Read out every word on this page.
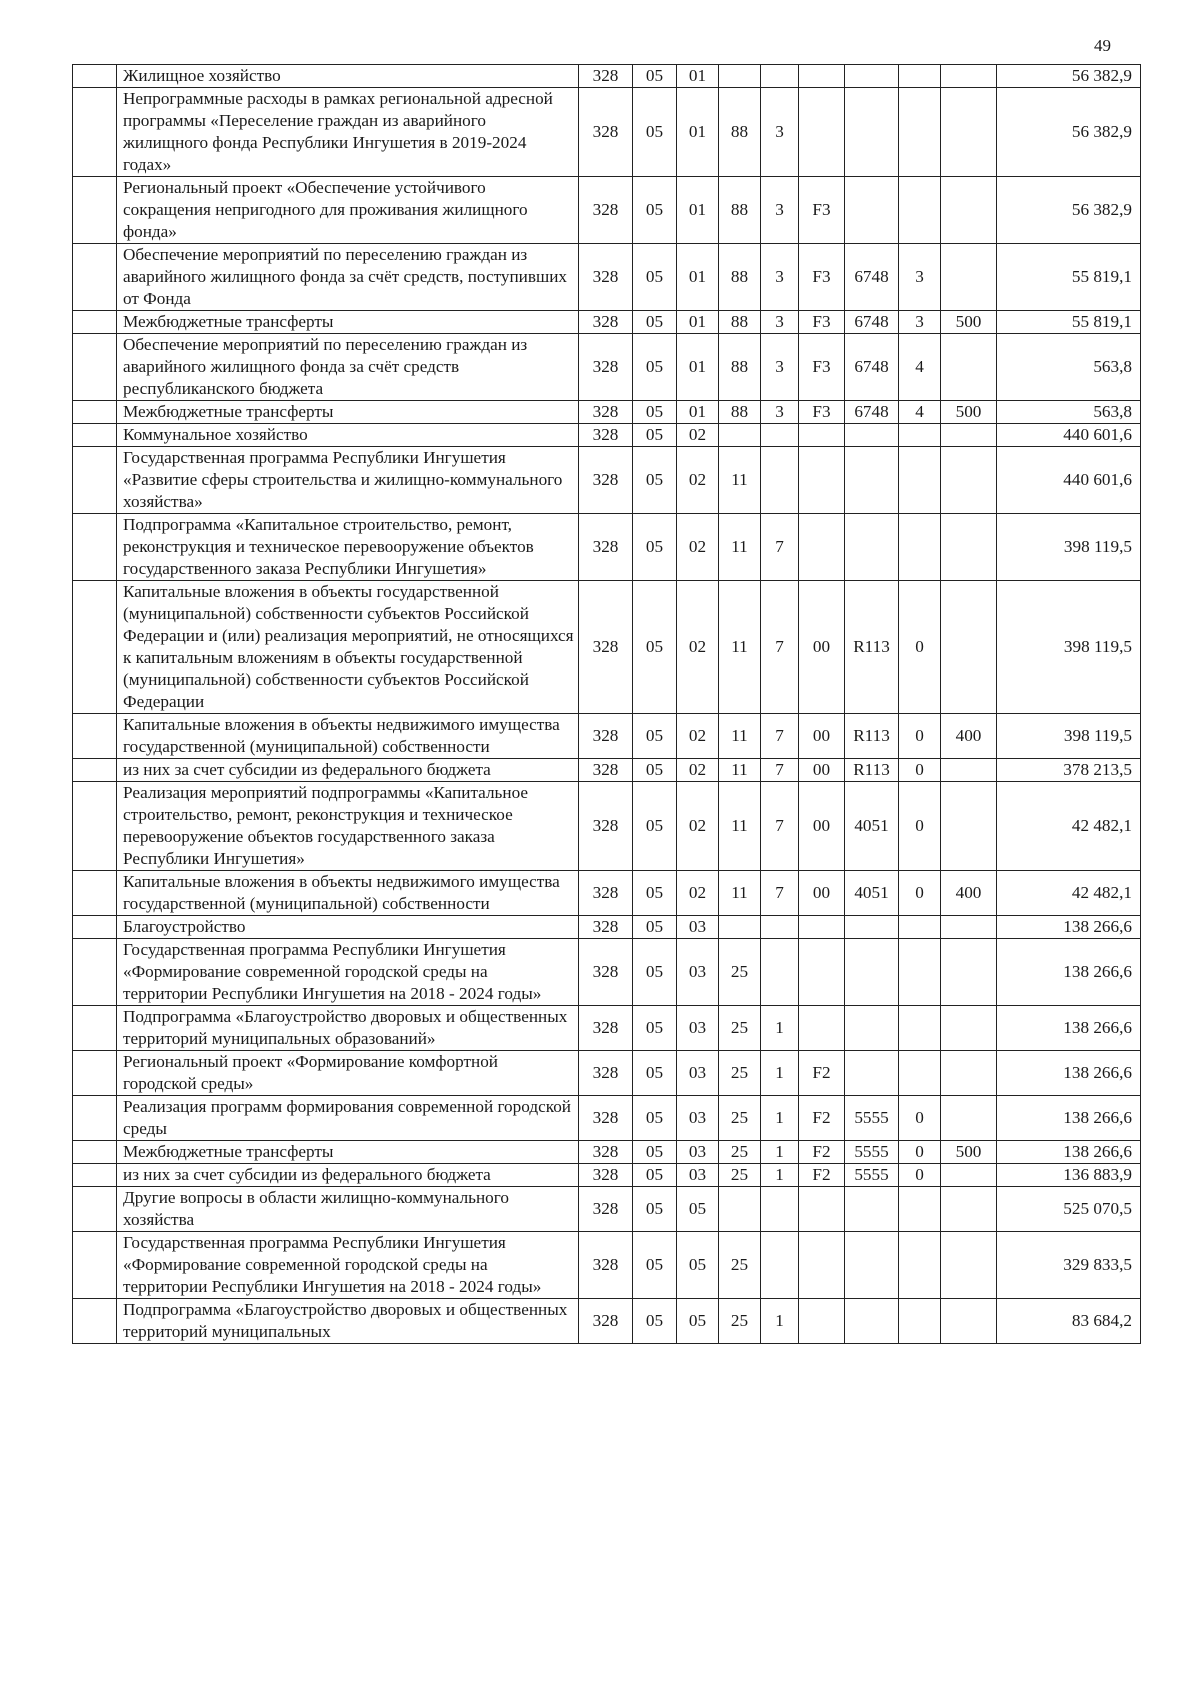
49
	Жилищное хозяйство	328	05	01							56 382,9
	Непрограммные расходы в рамках региональной адресной программы «Переселение граждан из аварийного жилищного фонда Республики Ингушетия в 2019-2024 годах»	328	05	01	88	3					56 382,9
	Региональный проект «Обеспечение устойчивого сокращения непригодного для проживания жилищного фонда»	328	05	01	88	3	F3				56 382,9
	Обеспечение мероприятий по переселению граждан из аварийного жилищного фонда за счёт средств, поступивших от Фонда	328	05	01	88	3	F3	6748	3		55 819,1
	Межбюджетные трансферты	328	05	01	88	3	F3	6748	3	500	55 819,1
	Обеспечение мероприятий по переселению граждан из аварийного жилищного фонда за счёт средств республиканского бюджета	328	05	01	88	3	F3	6748	4		563,8
	Межбюджетные трансферты	328	05	01	88	3	F3	6748	4	500	563,8
	Коммунальное хозяйство	328	05	02							440 601,6
	Государственная программа Республики Ингушетия «Развитие сферы строительства и жилищно-коммунального хозяйства»	328	05	02	11						440 601,6
	Подпрограмма «Капитальное строительство, ремонт, реконструкция и техническое перевооружение объектов государственного заказа Республики Ингушетия»	328	05	02	11	7					398 119,5
	Капитальные вложения в объекты государственной (муниципальной) собственности субъектов Российской Федерации и (или) реализация мероприятий, не относящихся к капитальным вложениям в объекты государственной (муниципальной) собственности субъектов Российской Федерации	328	05	02	11	7	00	R113	0		398 119,5
	Капитальные вложения в объекты недвижимого имущества государственной (муниципальной) собственности	328	05	02	11	7	00	R113	0	400	398 119,5
	из них за счет субсидии из федерального бюджета	328	05	02	11	7	00	R113	0		378 213,5
	Реализация мероприятий подпрограммы «Капитальное строительство, ремонт, реконструкция и техническое перевооружение объектов государственного заказа Республики Ингушетия»	328	05	02	11	7	00	4051	0		42 482,1
	Капитальные вложения в объекты недвижимого имущества государственной (муниципальной) собственности	328	05	02	11	7	00	4051	0	400	42 482,1
	Благоустройство	328	05	03							138 266,6
	Государственная программа Республики Ингушетия «Формирование современной городской среды на территории Республики Ингушетия на 2018 - 2024 годы»	328	05	03	25						138 266,6
	Подпрограмма «Благоустройство дворовых и общественных территорий муниципальных образований»	328	05	03	25	1					138 266,6
	Региональный проект «Формирование комфортной городской среды»	328	05	03	25	1	F2				138 266,6
	Реализация программ формирования современной городской среды	328	05	03	25	1	F2	5555	0		138 266,6
	Межбюджетные трансферты	328	05	03	25	1	F2	5555	0	500	138 266,6
	из них за счет субсидии из федерального бюджета	328	05	03	25	1	F2	5555	0		136 883,9
	Другие вопросы в области жилищно-коммунального хозяйства	328	05	05							525 070,5
	Государственная программа Республики Ингушетия «Формирование современной городской среды на территории Республики Ингушетия на 2018 - 2024 годы»	328	05	05	25						329 833,5
	Подпрограмма «Благоустройство дворовых и общественных территорий муниципальных	328	05	05	25	1					83 684,2
